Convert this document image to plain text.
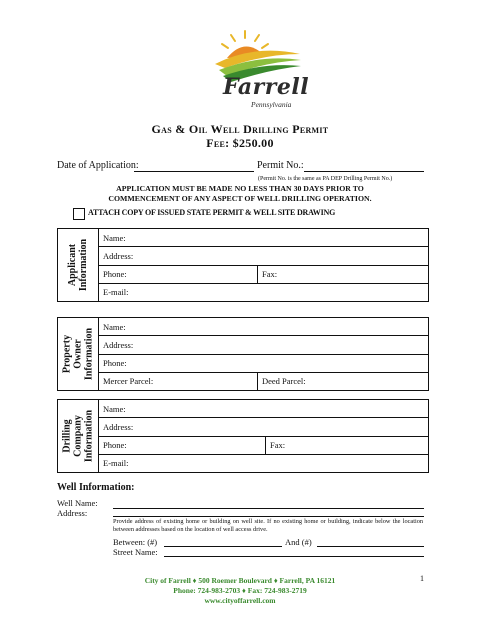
Farrell
Pennsylvania
Gas & Oil Well Drilling Permit
Fee: $250.00
Date of Application:	Permit No.:
(Permit No. is the same as PA DEP Drilling Permit No.)
APPLICATION MUST BE MADE NO LESS THAN 30 DAYS PRIOR TO
COMMENCEMENT OF ANY ASPECT OF WELL DRILLING OPERATION.
ATTACH COPY OF ISSUED STATE PERMIT & WELL SITE DRAWING
Applicant Information	Name:	
	Address:	
	Phone:	Fax:
	E-mail:	
Property Owner Information	Name:	
	Address:	
	Phone:	
	Mercer Parcel:	Deed Parcel:
Drilling Company Information	Name:	
	Address:	
	Phone:	Fax:
	E-mail:	
Well Information:
Well Name:
Address:
Provide address of existing home or building on well site. If no existing home or building, indicate below the location between addresses based on the location of well access drive.
Between: (#)	And (#)
Street Name:
1
City of Farrell ♦ 500 Roemer Boulevard ♦ Farrell, PA 16121
Phone: 724-983-2703 ♦ Fax: 724-983-2719
www.cityoffarrell.com
